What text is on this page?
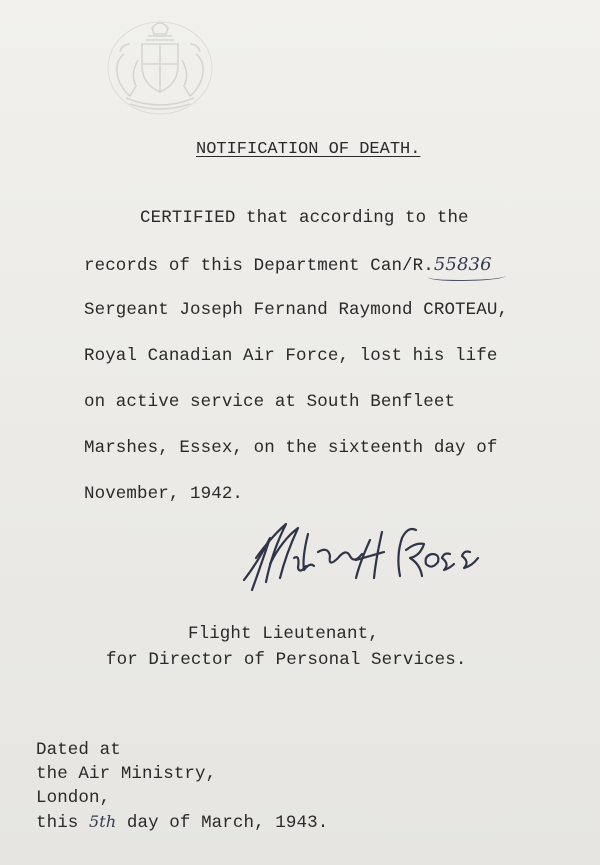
NOTIFICATION OF DEATH.
CERTIFIED that according to the
records of this Department Can/R.55836
Sergeant Joseph Fernand Raymond CROTEAU,
Royal Canadian Air Force, lost his life
on active service at South Benfleet
Marshes, Essex, on the sixteenth day of
November, 1942.
Flight Lieutenant,
for Director of Personal Services.
Dated at
the Air Ministry,
London,
this 5th day of March, 1943.
